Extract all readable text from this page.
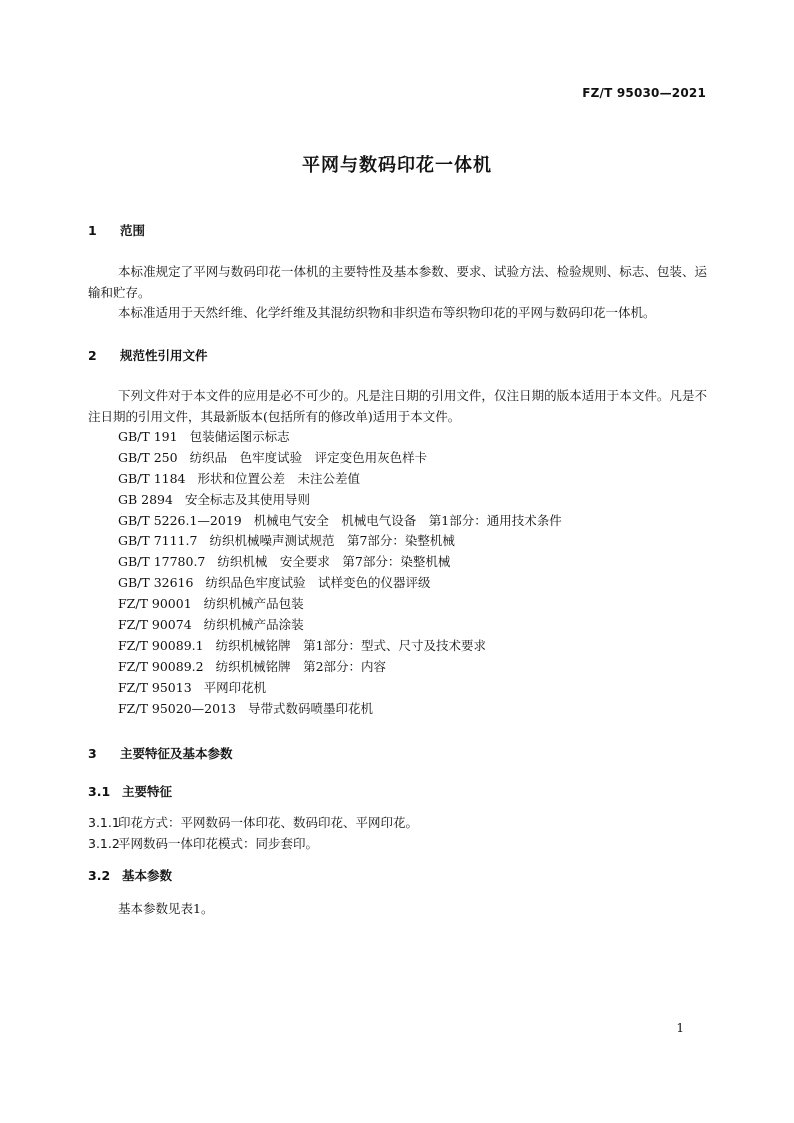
FZ/T 95030—2021
平网与数码印花一体机
1 范围
本标准规定了平网与数码印花一体机的主要特性及基本参数、要求、试验方法、检验规则、标志、包装、运输和贮存。
本标准适用于天然纤维、化学纤维及其混纺织物和非织造布等织物印花的平网与数码印花一体机。
2 规范性引用文件
下列文件对于本文件的应用是必不可少的。凡是注日期的引用文件，仅注日期的版本适用于本文件。凡是不注日期的引用文件，其最新版本(包括所有的修改单)适用于本文件。
GB/T 191 包装储运图示标志
GB/T 250 纺织品　色牢度试验　评定变色用灰色样卡
GB/T 1184 形状和位置公差　未注公差值
GB 2894 安全标志及其使用导则
GB/T 5226.1—2019 机械电气安全　机械电气设备　第1部分：通用技术条件
GB/T 7111.7 纺织机械噪声测试规范　第7部分：染整机械
GB/T 17780.7 纺织机械　安全要求　第7部分：染整机械
GB/T 32616 纺织品色牢度试验　试样变色的仪器评级
FZ/T 90001 纺织机械产品包装
FZ/T 90074 纺织机械产品涂装
FZ/T 90089.1 纺织机械铭牌　第1部分：型式、尺寸及技术要求
FZ/T 90089.2 纺织机械铭牌　第2部分：内容
FZ/T 95013 平网印花机
FZ/T 95020—2013 导带式数码喷墨印花机
3 主要特征及基本参数
3.1 主要特征
3.1.1印花方式：平网数码一体印花、数码印花、平网印花。
3.1.2平网数码一体印花模式：同步套印。
3.2 基本参数
基本参数见表1。
1
